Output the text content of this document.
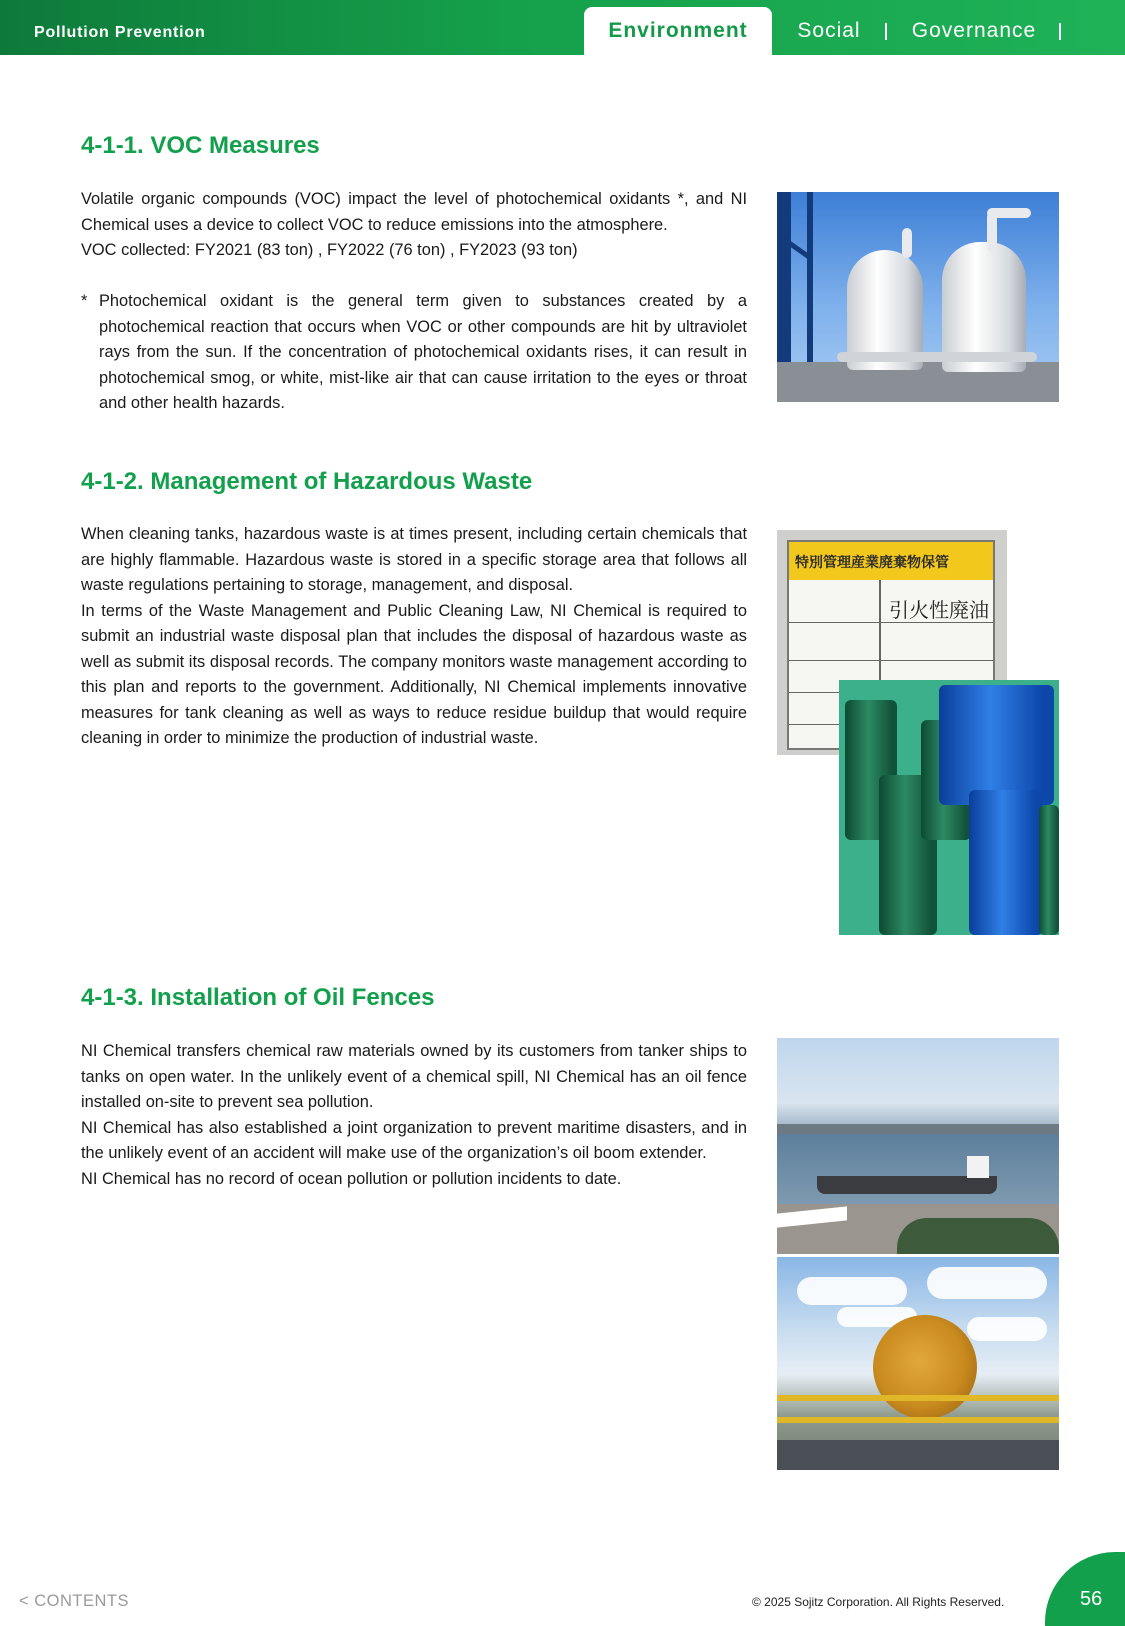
Pollution Prevention	Environment	Social	Governance
4-1-1. VOC Measures

Volatile organic compounds (VOC) impact the level of photochemical oxidants *, and NI Chemical uses a device to collect VOC to reduce emissions into the atmosphere.

VOC collected: FY2021 (83 ton) , FY2022 (76 ton) , FY2023 (93 ton)

* Photochemical oxidant is the general term given to substances created by a photochemical reaction that occurs when VOC or other compounds are hit by ultraviolet rays from the sun. If the concentration of photochemical oxidants rises, it can result in photochemical smog, or white, mist-like air that can cause irritation to the eyes or throat and other health hazards.
4-1-2. Management of Hazardous Waste

When cleaning tanks, hazardous waste is at times present, including certain chemicals that are highly flammable. Hazardous waste is stored in a specific storage area that follows all waste regulations pertaining to storage, management, and disposal.

In terms of the Waste Management and Public Cleaning Law, NI Chemical is required to submit an industrial waste disposal plan that includes the disposal of hazardous waste as well as submit its disposal records. The company monitors waste management according to this plan and reports to the government. Additionally, NI Chemical implements innovative measures for tank cleaning as well as ways to reduce residue buildup that would require cleaning in order to minimize the production of industrial waste.

特別管理産業廃棄物保管
引火性廃油
4-1-3. Installation of Oil Fences

NI Chemical transfers chemical raw materials owned by its customers from tanker ships to tanks on open water. In the unlikely event of a chemical spill, NI Chemical has an oil fence installed on-site to prevent sea pollution.

NI Chemical has also established a joint organization to prevent maritime disasters, and in the unlikely event of an accident will make use of the organization’s oil boom extender.

NI Chemical has no record of ocean pollution or pollution incidents to date.

< CONTENTS	© 2025 Sojitz Corporation. All Rights Reserved.	56
